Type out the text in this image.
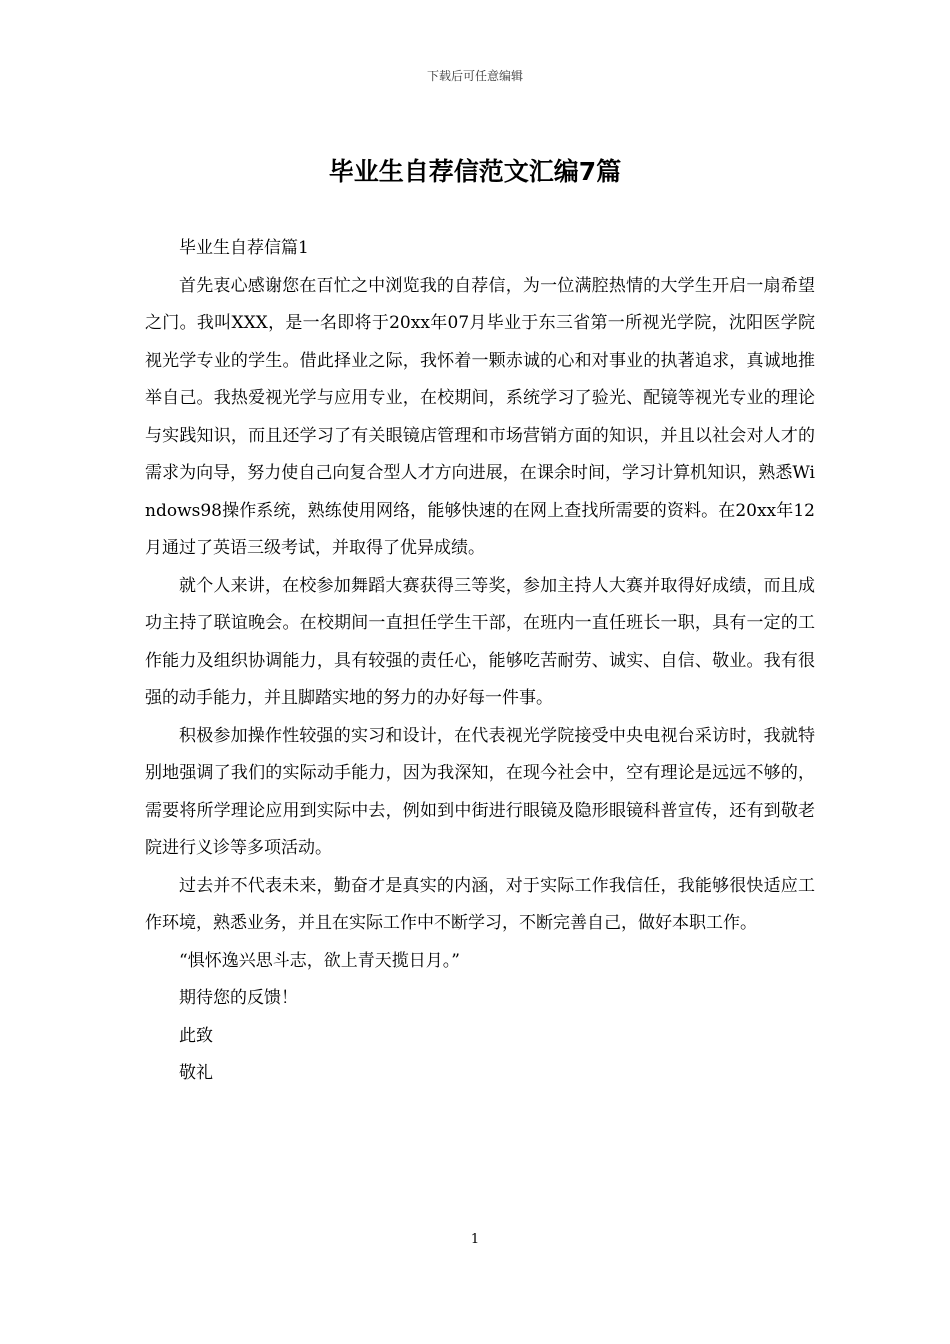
下载后可任意编辑
毕业生自荐信范文汇编7篇

毕业生自荐信篇1

首先衷心感谢您在百忙之中浏览我的自荐信，为一位满腔热情的大学生开启一扇希望之门。我叫XXX，是一名即将于20xx年07月毕业于东三省第一所视光学院，沈阳医学院视光学专业的学生。借此择业之际，我怀着一颗赤诚的心和对事业的执著追求，真诚地推举自己。我热爱视光学与应用专业，在校期间，系统学习了验光、配镜等视光专业的理论与实践知识，而且还学习了有关眼镜店管理和市场营销方面的知识，并且以社会对人才的需求为向导，努力使自己向复合型人才方向进展，在课余时间，学习计算机知识，熟悉Windows98操作系统，熟练使用网络，能够快速的在网上查找所需要的资料。在20xx年12月通过了英语三级考试，并取得了优异成绩。

就个人来讲，在校参加舞蹈大赛获得三等奖，参加主持人大赛并取得好成绩，而且成功主持了联谊晚会。在校期间一直担任学生干部，在班内一直任班长一职，具有一定的工作能力及组织协调能力，具有较强的责任心，能够吃苦耐劳、诚实、自信、敬业。我有很强的动手能力，并且脚踏实地的努力的办好每一件事。

积极参加操作性较强的实习和设计，在代表视光学院接受中央电视台采访时，我就特别地强调了我们的实际动手能力，因为我深知，在现今社会中，空有理论是远远不够的，需要将所学理论应用到实际中去，例如到中街进行眼镜及隐形眼镜科普宣传，还有到敬老院进行义诊等多项活动。

过去并不代表未来，勤奋才是真实的内涵，对于实际工作我信任，我能够很快适应工作环境，熟悉业务，并且在实际工作中不断学习，不断完善自己，做好本职工作。

“惧怀逸兴思斗志，欲上青天揽日月。”

期待您的反馈！

此致

敬礼

1
